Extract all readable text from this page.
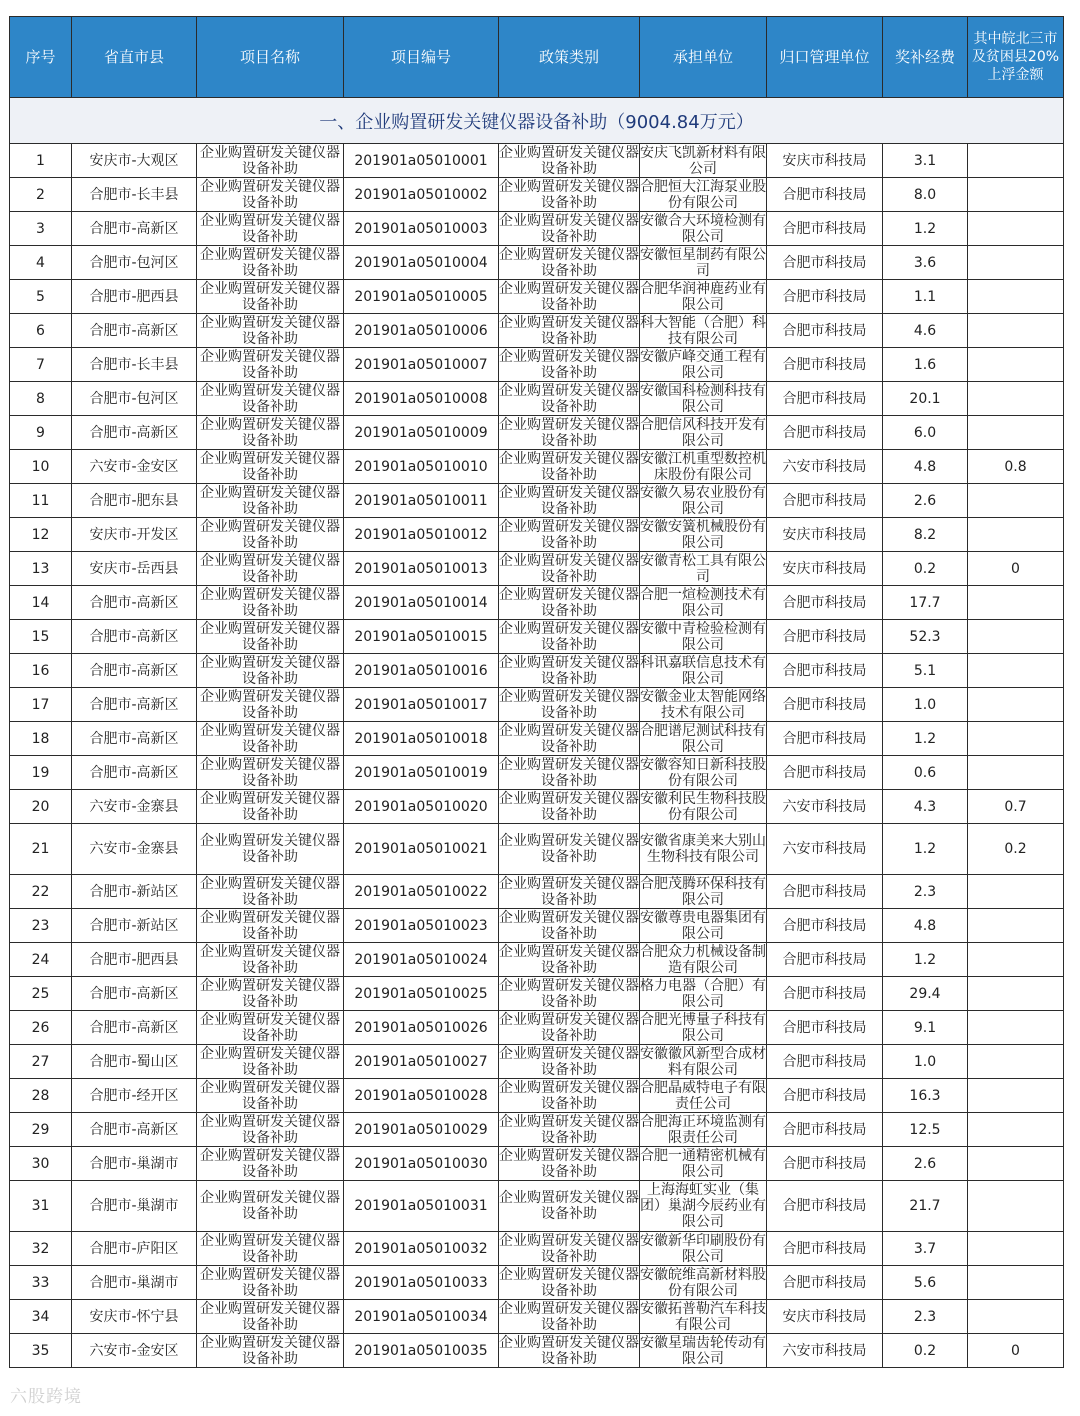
序号	省直市县	项目名称	项目编号	政策类别	承担单位	归口管理单位	奖补经费	其中皖北三市及贫困县20%上浮金额
一、企业购置研发关键仪器设备补助（9004.84万元）								
1	安庆市-大观区	企业购置研发关键仪器设备补助	201901a05010001	企业购置研发关键仪器设备补助	安庆飞凯新材料有限公司	安庆市科技局	3.1	
2	合肥市-长丰县	企业购置研发关键仪器设备补助	201901a05010002	企业购置研发关键仪器设备补助	合肥恒大江海泵业股份有限公司	合肥市科技局	8.0	
3	合肥市-高新区	企业购置研发关键仪器设备补助	201901a05010003	企业购置研发关键仪器设备补助	安徽合大环境检测有限公司	合肥市科技局	1.2	
4	合肥市-包河区	企业购置研发关键仪器设备补助	201901a05010004	企业购置研发关键仪器设备补助	安徽恒星制药有限公司	合肥市科技局	3.6	
5	合肥市-肥西县	企业购置研发关键仪器设备补助	201901a05010005	企业购置研发关键仪器设备补助	合肥华润神鹿药业有限公司	合肥市科技局	1.1	
6	合肥市-高新区	企业购置研发关键仪器设备补助	201901a05010006	企业购置研发关键仪器设备补助	科大智能（合肥）科技有限公司	合肥市科技局	4.6	
7	合肥市-长丰县	企业购置研发关键仪器设备补助	201901a05010007	企业购置研发关键仪器设备补助	安徽庐峰交通工程有限公司	合肥市科技局	1.6	
8	合肥市-包河区	企业购置研发关键仪器设备补助	201901a05010008	企业购置研发关键仪器设备补助	安徽国科检测科技有限公司	合肥市科技局	20.1	
9	合肥市-高新区	企业购置研发关键仪器设备补助	201901a05010009	企业购置研发关键仪器设备补助	合肥信风科技开发有限公司	合肥市科技局	6.0	
10	六安市-金安区	企业购置研发关键仪器设备补助	201901a05010010	企业购置研发关键仪器设备补助	安徽江机重型数控机床股份有限公司	六安市科技局	4.8	0.8
11	合肥市-肥东县	企业购置研发关键仪器设备补助	201901a05010011	企业购置研发关键仪器设备补助	安徽久易农业股份有限公司	合肥市科技局	2.6	
12	安庆市-开发区	企业购置研发关键仪器设备补助	201901a05010012	企业购置研发关键仪器设备补助	安徽安簧机械股份有限公司	安庆市科技局	8.2	
13	安庆市-岳西县	企业购置研发关键仪器设备补助	201901a05010013	企业购置研发关键仪器设备补助	安徽青松工具有限公司	安庆市科技局	0.2	0
14	合肥市-高新区	企业购置研发关键仪器设备补助	201901a05010014	企业购置研发关键仪器设备补助	合肥一煊检测技术有限公司	合肥市科技局	17.7	
15	合肥市-高新区	企业购置研发关键仪器设备补助	201901a05010015	企业购置研发关键仪器设备补助	安徽中青检验检测有限公司	合肥市科技局	52.3	
16	合肥市-高新区	企业购置研发关键仪器设备补助	201901a05010016	企业购置研发关键仪器设备补助	科讯嘉联信息技术有限公司	合肥市科技局	5.1	
17	合肥市-高新区	企业购置研发关键仪器设备补助	201901a05010017	企业购置研发关键仪器设备补助	安徽金业太智能网络技术有限公司	合肥市科技局	1.0	
18	合肥市-高新区	企业购置研发关键仪器设备补助	201901a05010018	企业购置研发关键仪器设备补助	合肥谱尼测试科技有限公司	合肥市科技局	1.2	
19	合肥市-高新区	企业购置研发关键仪器设备补助	201901a05010019	企业购置研发关键仪器设备补助	安徽容知日新科技股份有限公司	合肥市科技局	0.6	
20	六安市-金寨县	企业购置研发关键仪器设备补助	201901a05010020	企业购置研发关键仪器设备补助	安徽利民生物科技股份有限公司	六安市科技局	4.3	0.7
21	六安市-金寨县	企业购置研发关键仪器设备补助	201901a05010021	企业购置研发关键仪器设备补助	安徽省康美来大别山生物科技有限公司	六安市科技局	1.2	0.2
22	合肥市-新站区	企业购置研发关键仪器设备补助	201901a05010022	企业购置研发关键仪器设备补助	合肥茂腾环保科技有限公司	合肥市科技局	2.3	
23	合肥市-新站区	企业购置研发关键仪器设备补助	201901a05010023	企业购置研发关键仪器设备补助	安徽尊贵电器集团有限公司	合肥市科技局	4.8	
24	合肥市-肥西县	企业购置研发关键仪器设备补助	201901a05010024	企业购置研发关键仪器设备补助	合肥众力机械设备制造有限公司	合肥市科技局	1.2	
25	合肥市-高新区	企业购置研发关键仪器设备补助	201901a05010025	企业购置研发关键仪器设备补助	格力电器（合肥）有限公司	合肥市科技局	29.4	
26	合肥市-高新区	企业购置研发关键仪器设备补助	201901a05010026	企业购置研发关键仪器设备补助	合肥光博量子科技有限公司	合肥市科技局	9.1	
27	合肥市-蜀山区	企业购置研发关键仪器设备补助	201901a05010027	企业购置研发关键仪器设备补助	安徽徽风新型合成材料有限公司	合肥市科技局	1.0	
28	合肥市-经开区	企业购置研发关键仪器设备补助	201901a05010028	企业购置研发关键仪器设备补助	合肥晶威特电子有限责任公司	合肥市科技局	16.3	
29	合肥市-高新区	企业购置研发关键仪器设备补助	201901a05010029	企业购置研发关键仪器设备补助	合肥海正环境监测有限责任公司	合肥市科技局	12.5	
30	合肥市-巢湖市	企业购置研发关键仪器设备补助	201901a05010030	企业购置研发关键仪器设备补助	合肥一通精密机械有限公司	合肥市科技局	2.6	
31	合肥市-巢湖市	企业购置研发关键仪器设备补助	201901a05010031	企业购置研发关键仪器设备补助	上海海虹实业（集团）巢湖今辰药业有限公司	合肥市科技局	21.7	
32	合肥市-庐阳区	企业购置研发关键仪器设备补助	201901a05010032	企业购置研发关键仪器设备补助	安徽新华印刷股份有限公司	合肥市科技局	3.7	
33	合肥市-巢湖市	企业购置研发关键仪器设备补助	201901a05010033	企业购置研发关键仪器设备补助	安徽皖维高新材料股份有限公司	合肥市科技局	5.6	
34	安庆市-怀宁县	企业购置研发关键仪器设备补助	201901a05010034	企业购置研发关键仪器设备补助	安徽拓普勒汽车科技有限公司	安庆市科技局	2.3	
35	六安市-金安区	企业购置研发关键仪器设备补助	201901a05010035	企业购置研发关键仪器设备补助	安徽星瑞齿轮传动有限公司	六安市科技局	0.2	0
六股跨境
